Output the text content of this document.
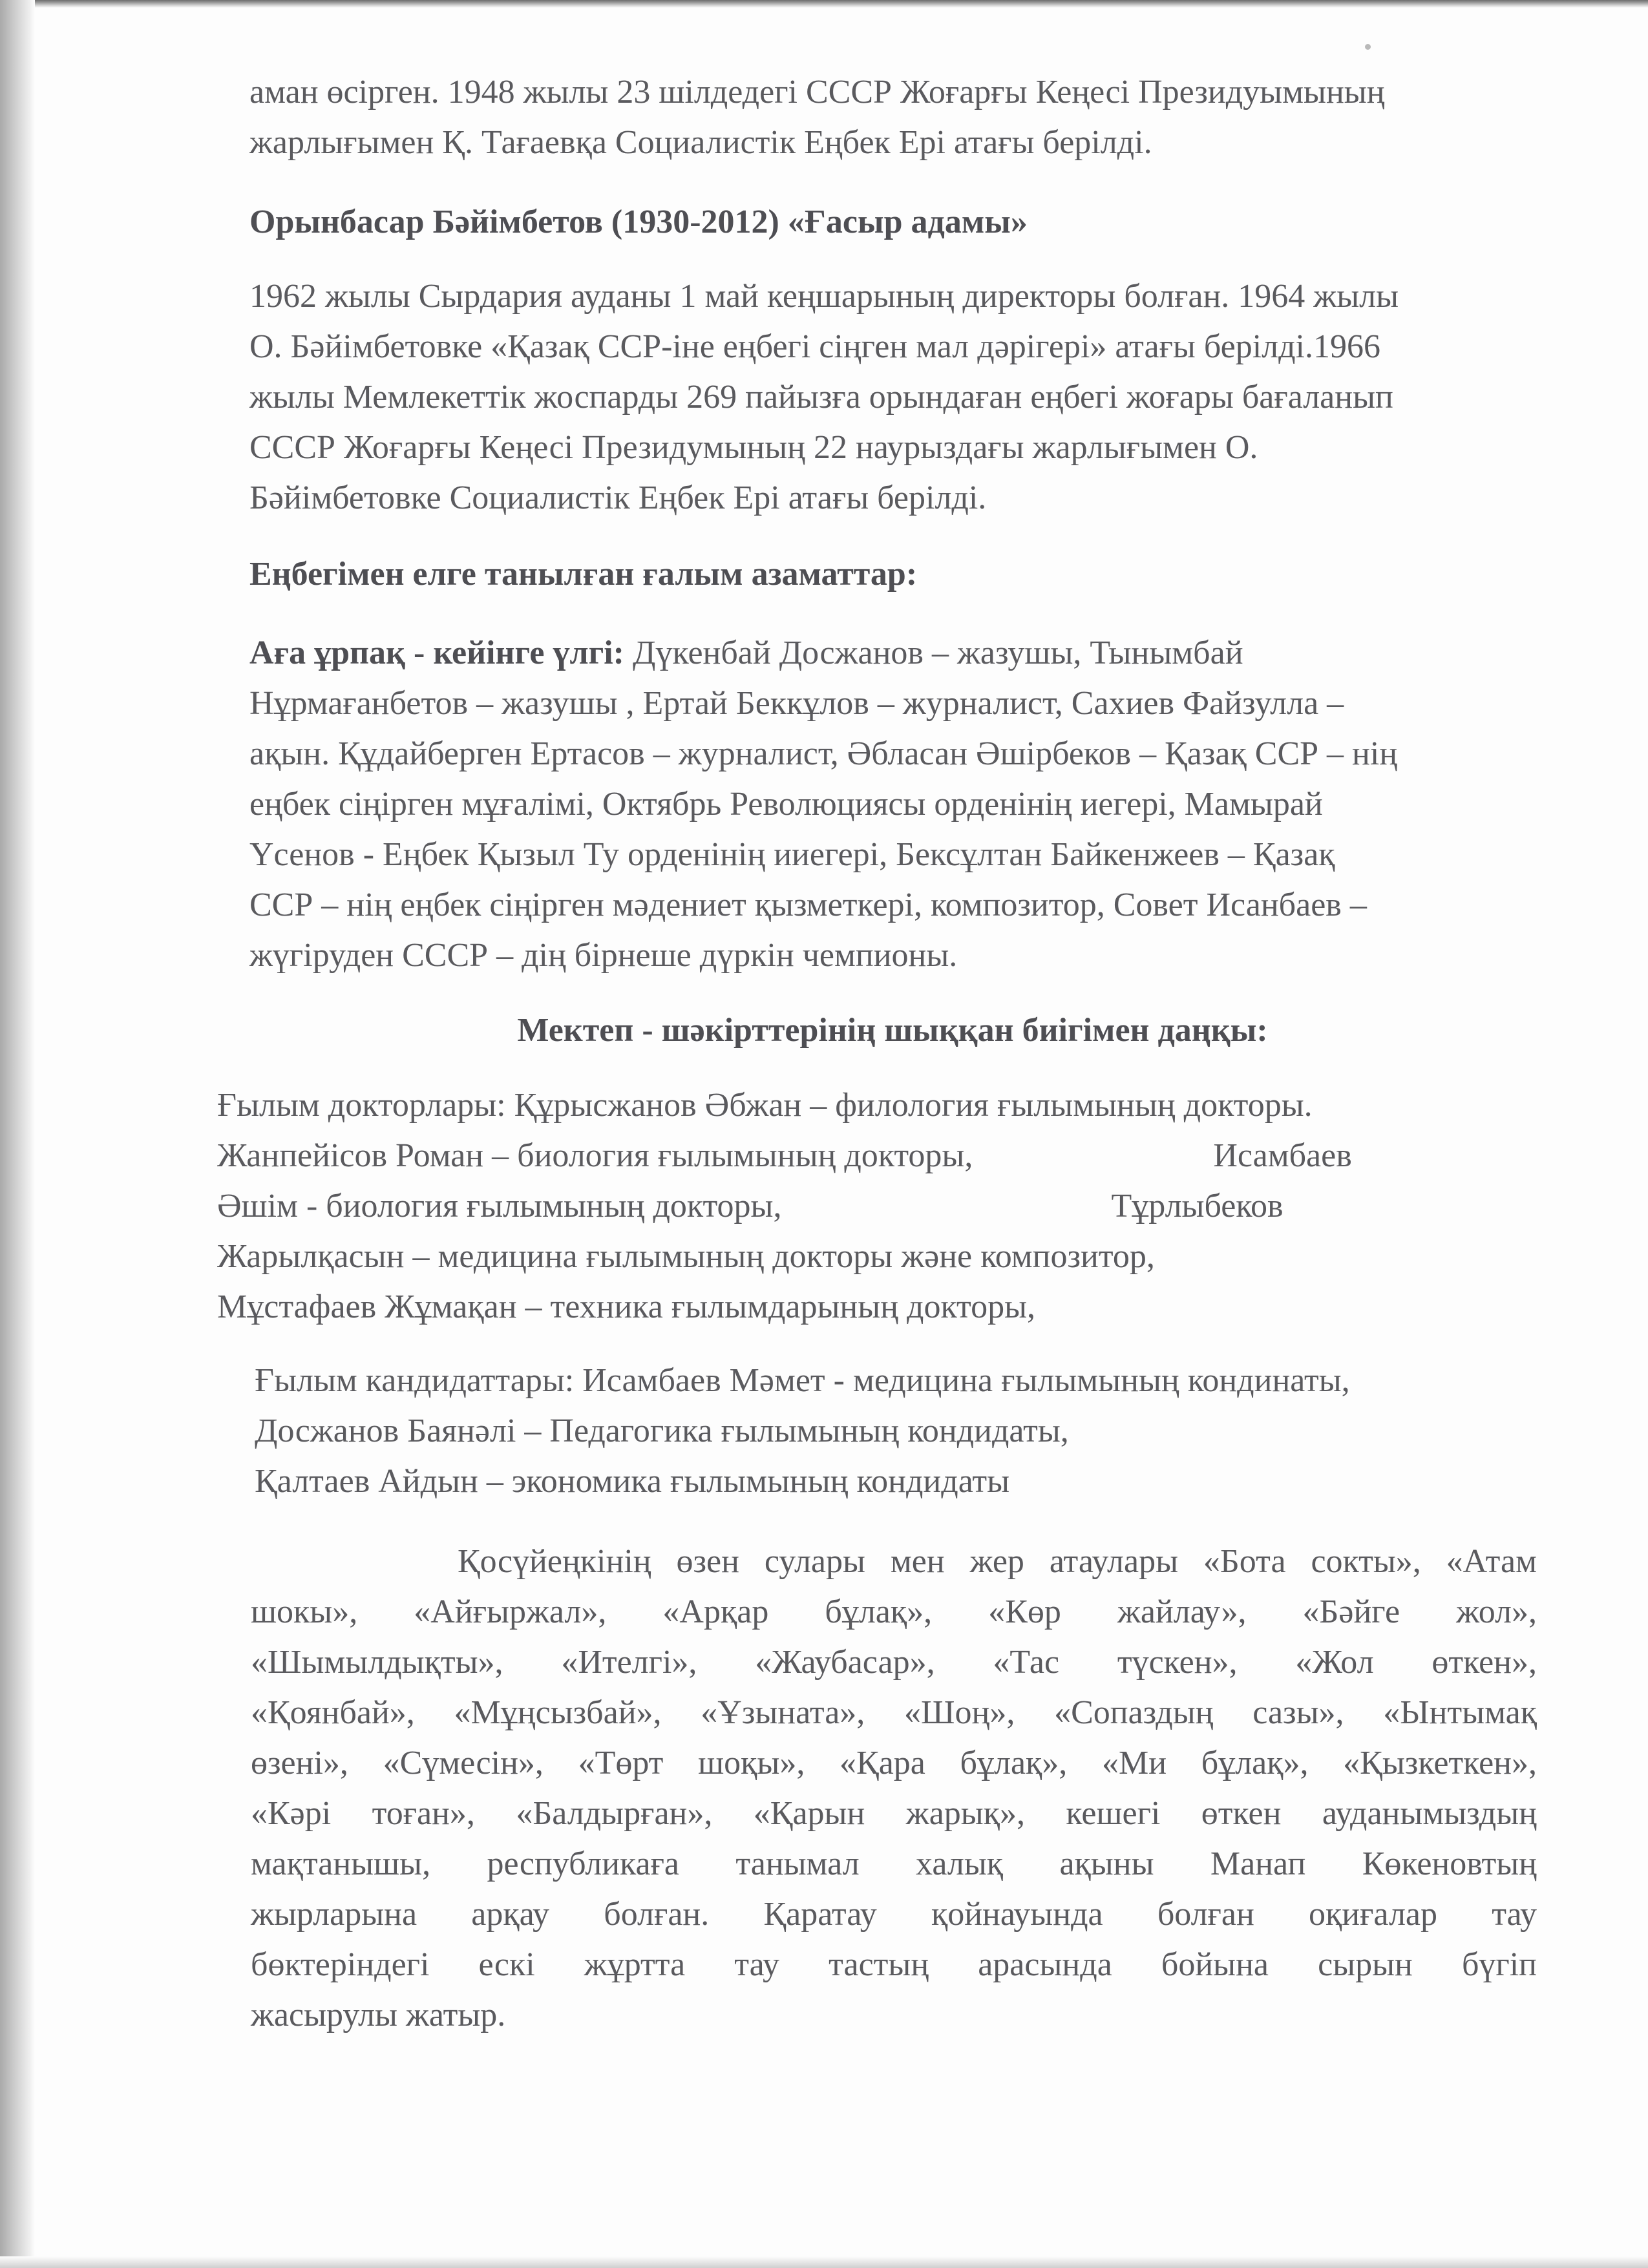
аман өсірген. 1948 жылы 23 шілдедегі СССР Жоғарғы Кеңесі Президуымының
жарлығымен Қ. Тағаевқа Социалистік Еңбек Ері атағы берілді.
Орынбасар Бәйімбетов (1930-2012) «Ғасыр адамы»
1962 жылы Сырдария ауданы 1 май кеңшарының директоры болған. 1964 жылы
О. Бәйімбетовке «Қазақ ССР-іне еңбегі сіңген мал дәрігері» атағы берілді.1966
жылы Мемлекеттік жоспарды 269 пайызға орындаған еңбегі жоғары бағаланып
СССР Жоғарғы Кеңесі Президумының 22 наурыздағы жарлығымен О.
Бәйімбетовке Социалистік Еңбек Ері атағы берілді.
Еңбегімен елге танылған ғалым азаматтар:
Аға ұрпақ - кейінге үлгі: Дүкенбай Досжанов – жазушы, Тынымбай
Нұрмағанбетов – жазушы , Ертай Беккұлов – журналист, Сахиев Файзулла –
ақын. Құдайберген Ертасов – журналист, Әбласан Әшірбеков – Қазақ ССР – нің
еңбек сіңірген мұғалімі, Октябрь Революциясы орденінің иегері, Мамырай
Үсенов - Еңбек Қызыл Ту орденінің ииегері, Бексұлтан Байкенжеев – Қазақ
ССР – нің еңбек сіңірген мәдениет қызметкері, композитор, Совет Исанбаев –
жүгіруден СССР – дің бірнеше дүркін чемпионы.
Мектеп - шәкірттерінің шыққан биігімен даңқы:
Ғылым докторлары: Құрысжанов Әбжан – филология ғылымының докторы.
Жанпейісов Роман – биология ғылымының докторы,	Исамбаев
Әшім - биология ғылымының докторы,	Тұрлыбеков
Жарылқасын – медицина ғылымының докторы және композитор,
Мұстафаев Жұмақан – техника ғылымдарының докторы,
Ғылым кандидаттары: Исамбаев Мәмет - медицина ғылымының кондинаты,
Досжанов Баянәлі – Педагогика ғылымының кондидаты,
Қалтаев Айдын – экономика ғылымының кондидаты
Қосүйеңкінің өзен сулары мен жер атаулары «Бота сокты», «Атам
шокы», «Айғыржал», «Арқар бұлақ», «Көр жайлау», «Бәйге жол»,
«Шымылдықты», «Ителгі», «Жаубасар», «Тас түскен», «Жол өткен»,
«Қоянбай», «Мұңсызбай», «Ұзыната», «Шоң», «Сопаздың сазы», «Ынтымақ
өзені», «Сүмесін», «Төрт шоқы», «Қара бұлақ», «Ми бұлақ», «Қызкеткен»,
«Кәрі тоған», «Балдырған», «Қарын жарық», кешегі өткен ауданымыздың
мақтанышы, республикаға танымал халық ақыны Манап Көкеновтың
жырларына арқау болған. Қаратау қойнауында болған оқиғалар тау
бөктеріндегі ескі жұртта тау тастың арасында бойына сырын бүгіп
жасырулы жатыр.
